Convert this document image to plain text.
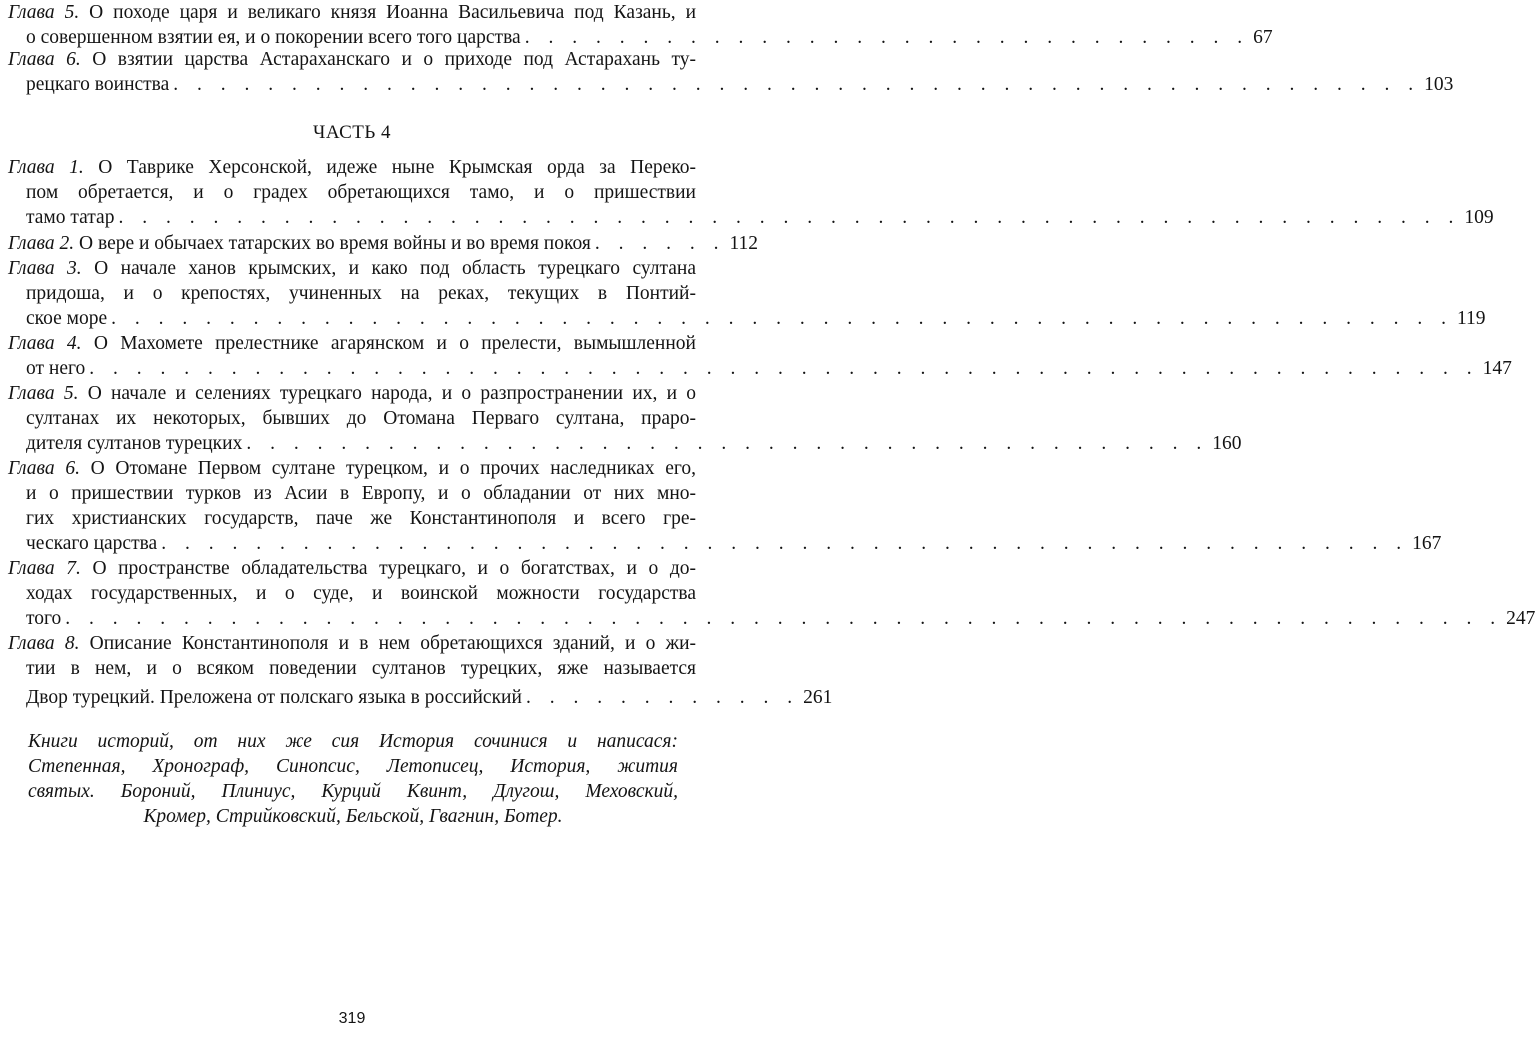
Глава 5. О походе царя и великаго князя Иоанна Васильевича под Казань, и
о совершенном взятии ея, и о покорении всего того царства . . . . . . . . . . . . . . . . . . . . . . . . . . . . . . . 67
Глава 6. О взятии царства Астараханскаго и о приходе под Астарахань ту-
рецкаго воинства . . . . . . . . . . . . . . . . . . . . . . . . . . . . . . . . . . . . . . . . . . . . . . . . . . . . . 103
ЧАСТЬ 4
Глава 1. О Таврике Херсонской, идеже ныне Крымская орда за Переко-
пом обретается, и о градех обретающихся тамо, и о пришествии
тамо татар . . . . . . . . . . . . . . . . . . . . . . . . . . . . . . . . . . . . . . . . . . . . . . . . . . . . . . . . . 109
Глава 2. О вере и обычаех татарских во время войны и во время покоя . . . . . . 112
Глава 3. О начале ханов крымских, и како под область турецкаго султана
придоша, и о крепостях, учиненных на реках, текущих в Понтий-
ское море . . . . . . . . . . . . . . . . . . . . . . . . . . . . . . . . . . . . . . . . . . . . . . . . . . . . . . . . . 119
Глава 4. О Махомете прелестнике агарянском и о прелести, вымышленной
от него . . . . . . . . . . . . . . . . . . . . . . . . . . . . . . . . . . . . . . . . . . . . . . . . . . . . . . . . . . . 147
Глава 5. О начале и селениях турецкаго народа, и о разпространении их, и о
султанах их некоторых, бывших до Отомана Перваго султана, праро-
дителя султанов турецких . . . . . . . . . . . . . . . . . . . . . . . . . . . . . . . . . . . . . . . . . 160
Глава 6. О Отомане Первом султане турецком, и о прочих наследниках его,
и о пришествии турков из Асии в Европу, и о обладании от них мно-
гих христианских государств, паче же Константинополя и всего гре-
ческаго царства . . . . . . . . . . . . . . . . . . . . . . . . . . . . . . . . . . . . . . . . . . . . . . . . . . . . . 167
Глава 7. О пространстве обладательства турецкаго, и о богатствах, и о до-
ходах государственных, и о суде, и воинской можности государства
того . . . . . . . . . . . . . . . . . . . . . . . . . . . . . . . . . . . . . . . . . . . . . . . . . . . . . . . . . . . . . 247
Глава 8. Описание Константинополя и в нем обретающихся зданий, и о жи-
тии в нем, и о всяком поведении султанов турецких, яже называется
Двор турецкий. Преложена от полскаго языка в российский . . . . . . . . . . . . 261
Книги историй, от них же сия История сочинися и написася:
Степенная, Хронограф, Синопсис, Летописец, История, жития
святых. Бороний, Плиниус, Курций Квинт, Длугош, Меховский,
Кромер, Стрийковский, Бельской, Гвагнин, Ботер.
319
